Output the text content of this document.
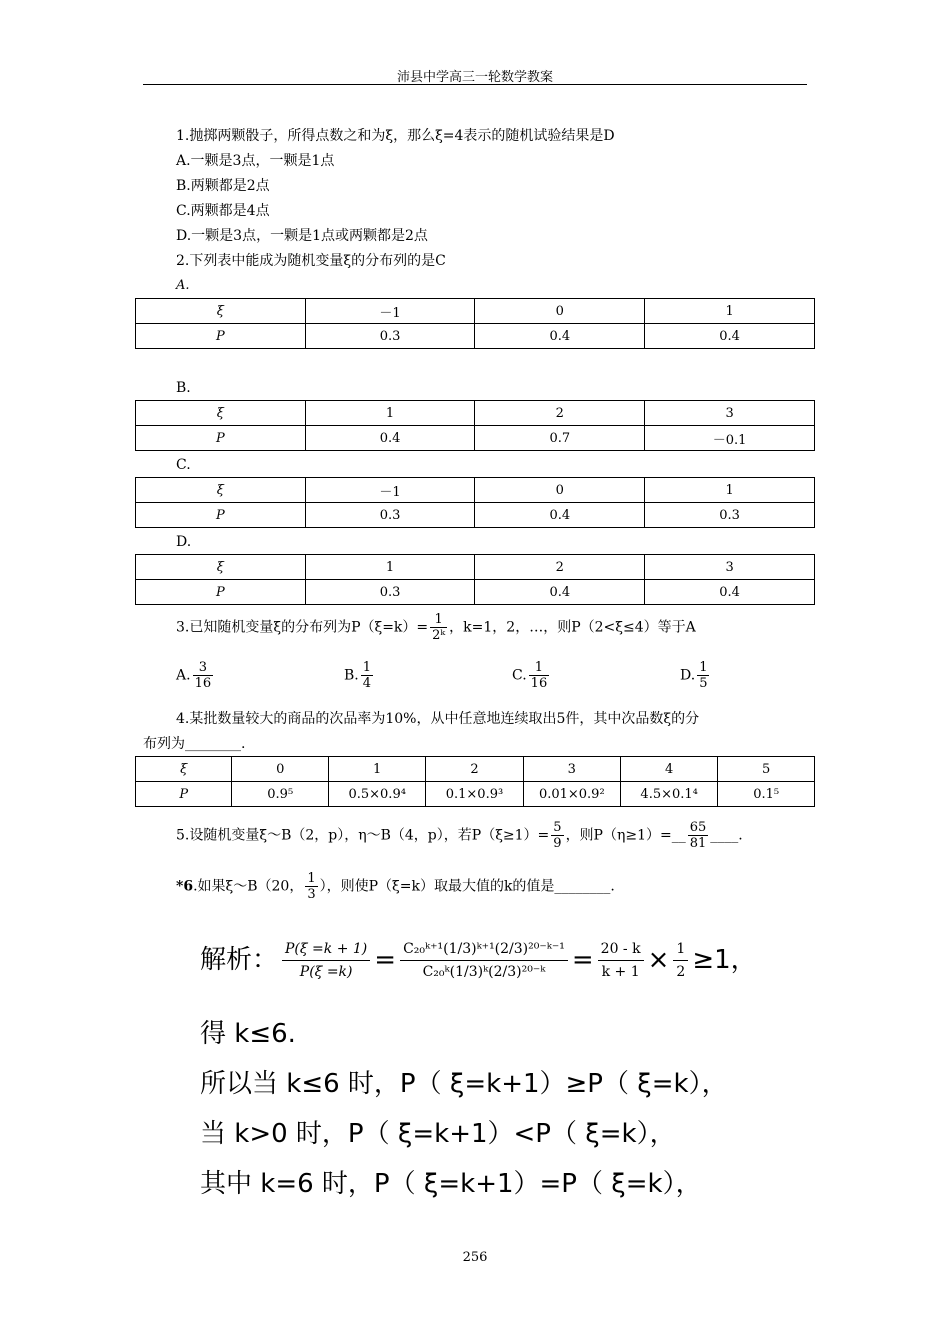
沛县中学高三一轮数学教案
1.抛掷两颗骰子，所得点数之和为ξ，那么ξ=4表示的随机试验结果是D
A.一颗是3点，一颗是1点
B.两颗都是2点
C.两颗都是4点
D.一颗是3点，一颗是1点或两颗都是2点
2.下列表中能成为随机变量ξ的分布列的是C
A.
ξ	－1	0	1
P	0.3	0.4	0.4
B.
ξ	1	2	3
P	0.4	0.7	－0.1
C.
ξ	－1	0	1
P	0.3	0.4	0.3
D.
ξ	1	2	3
P	0.3	0.4	0.4
3.已知随机变量ξ的分布列为$P(\xi=k)= \frac{1}{\text{2ᵏ}}$ ，k=1，2，…，则P（2<ξ≤4）等于A
A. $\frac{3}{16}$	B. $\frac{1}{4}$	C. $\frac{1}{16}$	D. $\frac{1}{5}$
4.某批数量较大的商品的次品率为10%，从中任意地连续取出5件，其中次品数ξ的分
布列为________.
ξ	0	1	2	3	4	5
P	0.9⁵	0.5×0.9⁴	0.1×0.9³	0.01×0.9²	4.5×0.1⁴	0.1⁵
5.设随机变量ξ～B（2，p），η～B（4，p），若$P(\xi\ge 1)= \frac{5}{9}$ ，则P（η≥1）=__ $\frac{65}{81}$ ____.
*6.如果ξ～B（20， $\frac{1}{3}$ ），则使P（ξ=k）取最大值的k的值是________.
解析： $\frac{P(\xi =k + 1)}{P(\xi =k)} = \frac{\text{C₂₀ᵏ⁺¹(1/3)ᵏ⁺¹(2/3)²⁰⁻ᵏ⁻¹}}{\text{C₂₀ᵏ(1/3)ᵏ(2/3)²⁰⁻ᵏ}} = \frac{20 - k}{k + 1} \times \frac{1}{2} \ge 1$，
得 k≤6.
所以当 k≤6 时，P（ ξ=k+1）≥P（ ξ=k），
当 k>0 时，P（ ξ=k+1）<P（ ξ=k），
其中 k=6 时，P（ ξ=k+1）=P（ ξ=k），
256
